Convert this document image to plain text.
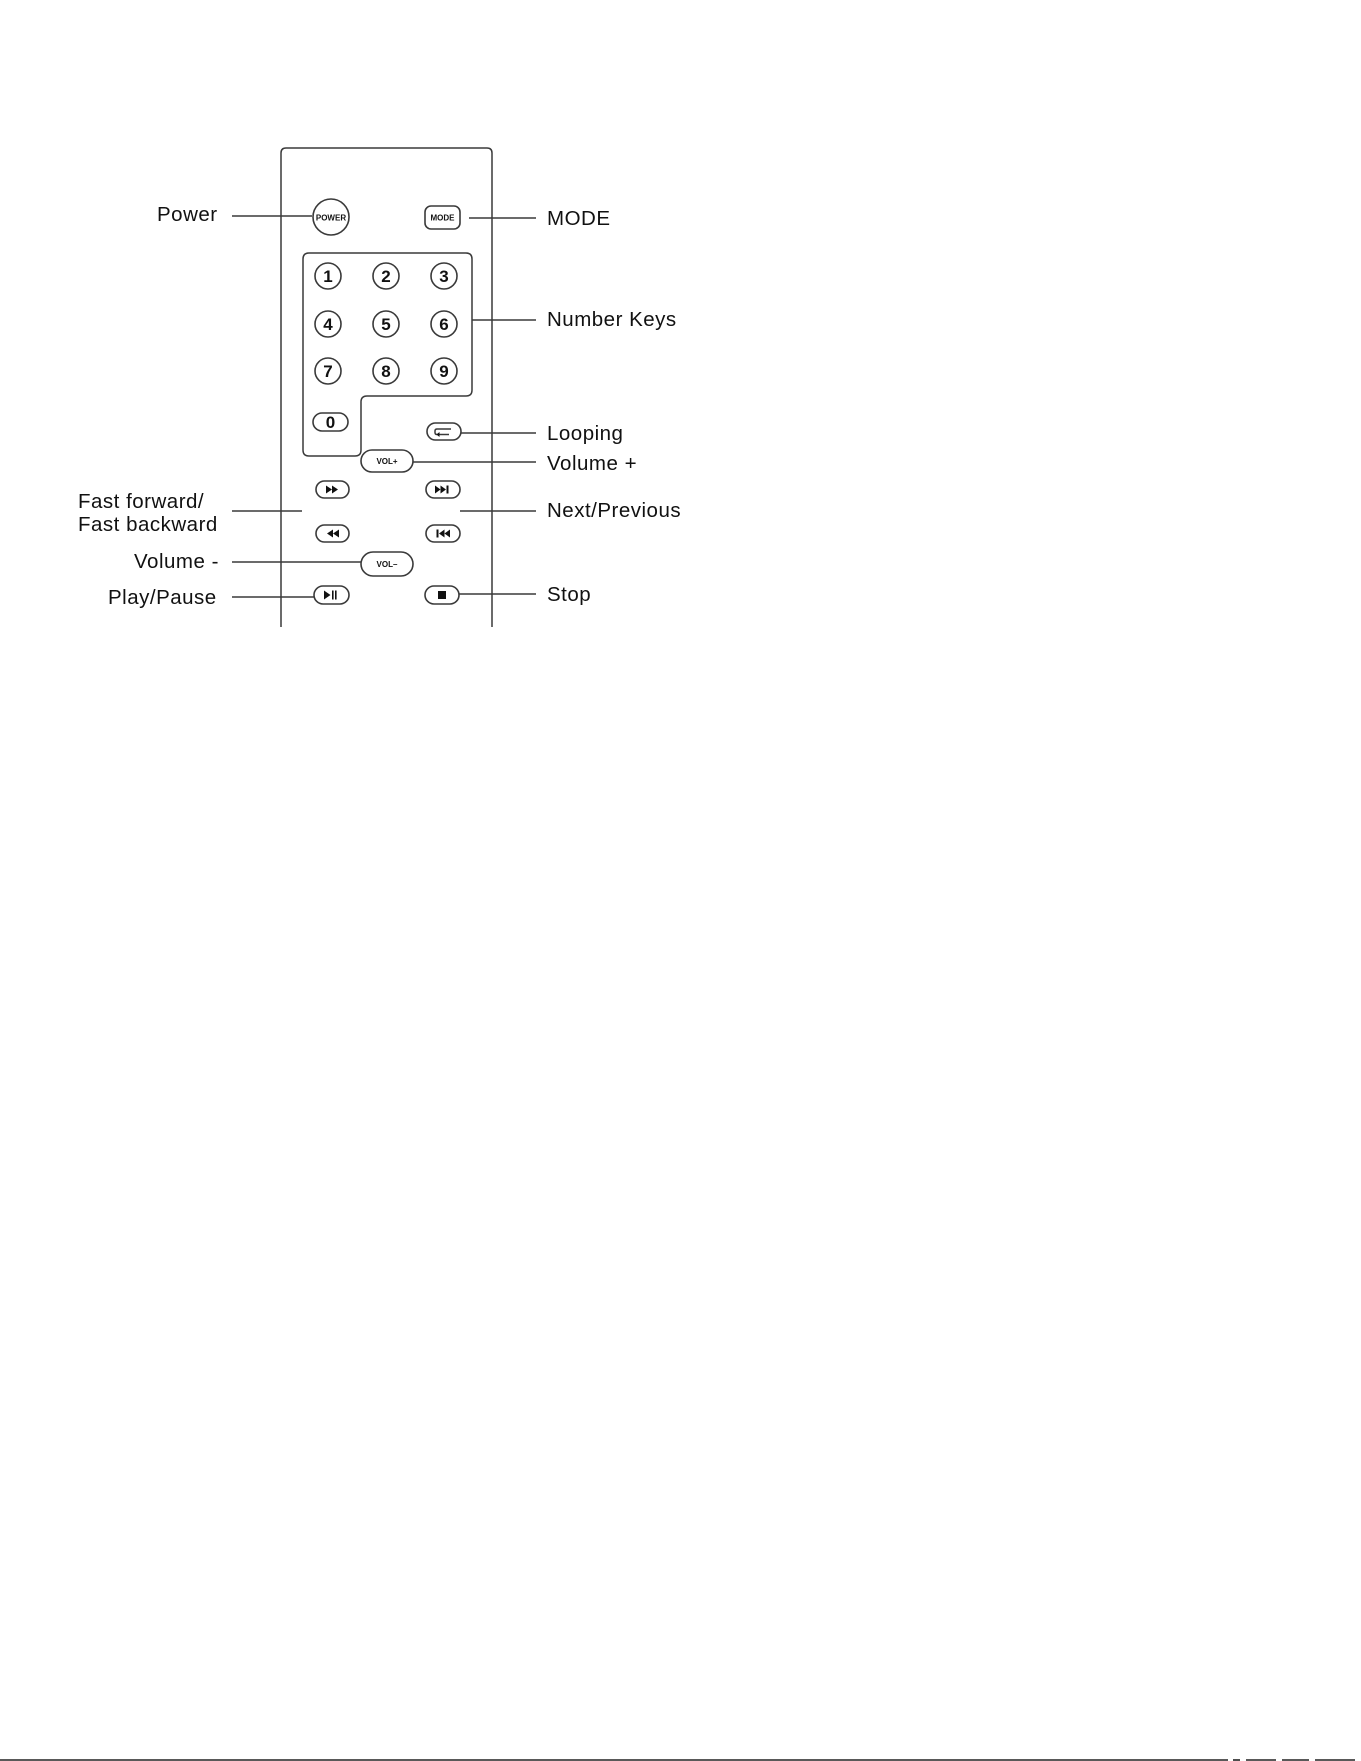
POWER	MODE
1	2	3
4	5	6
7	8	9
0
VOL+
VOL–
Power	MODE
Number Keys
Looping
Volume +
Fast forward/
Fast backward
Next/Previous
Volume -
Play/Pause	Stop
